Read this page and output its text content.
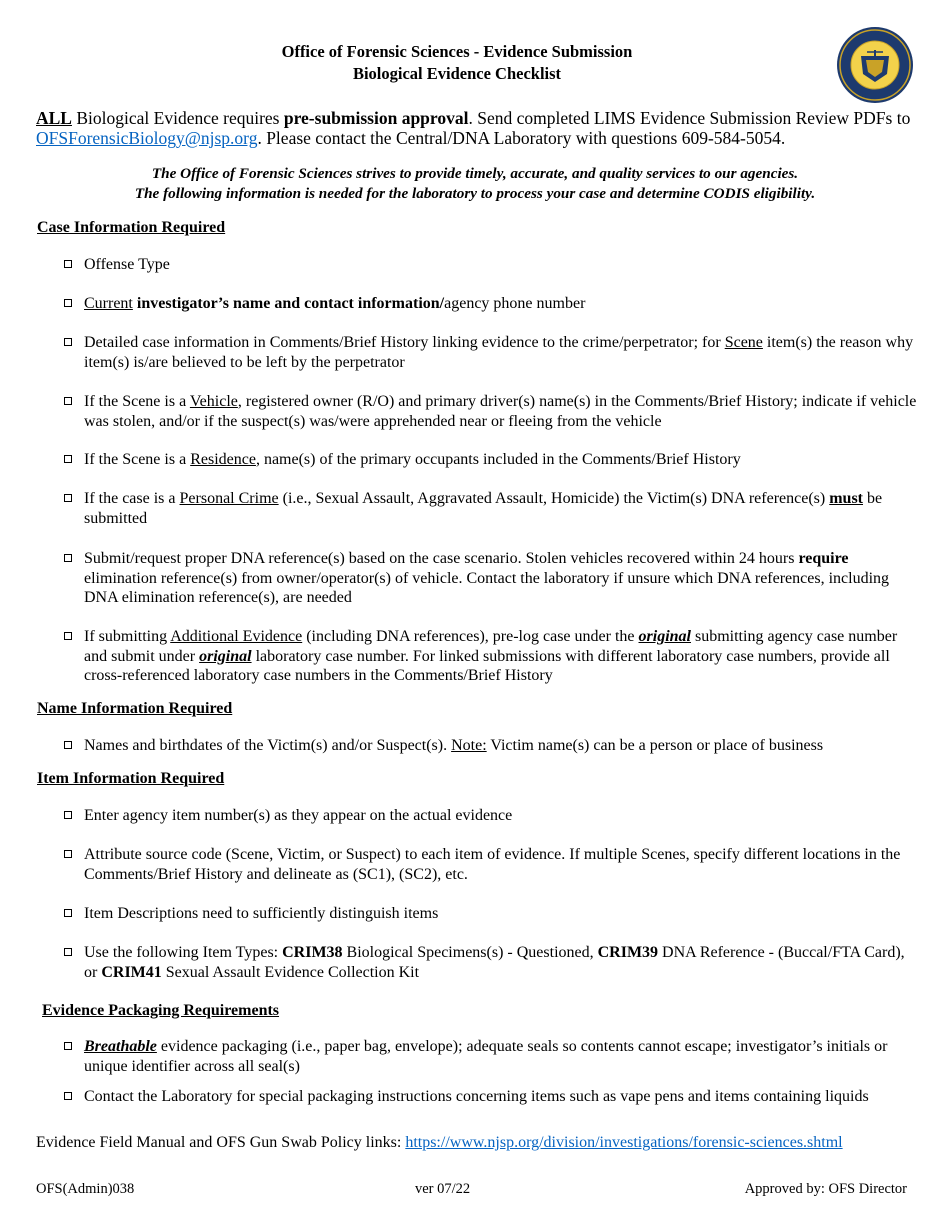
Office of Forensic Sciences - Evidence Submission
Biological Evidence Checklist
ALL Biological Evidence requires pre-submission approval. Send completed LIMS Evidence Submission Review PDFs to OFSForensicBiology@njsp.org. Please contact the Central/DNA Laboratory with questions 609-584-5054.
The Office of Forensic Sciences strives to provide timely, accurate, and quality services to our agencies.
The following information is needed for the laboratory to process your case and determine CODIS eligibility.
Case Information Required
Offense Type
Current investigator’s name and contact information/agency phone number
Detailed case information in Comments/Brief History linking evidence to the crime/perpetrator; for Scene item(s) the reason why item(s) is/are believed to be left by the perpetrator
If the Scene is a Vehicle, registered owner (R/O) and primary driver(s) name(s) in the Comments/Brief History; indicate if vehicle was stolen, and/or if the suspect(s) was/were apprehended near or fleeing from the vehicle
If the Scene is a Residence, name(s) of the primary occupants included in the Comments/Brief History
If the case is a Personal Crime (i.e., Sexual Assault, Aggravated Assault, Homicide) the Victim(s) DNA reference(s) must be submitted
Submit/request proper DNA reference(s) based on the case scenario. Stolen vehicles recovered within 24 hours require elimination reference(s) from owner/operator(s) of vehicle. Contact the laboratory if unsure which DNA references, including DNA elimination reference(s), are needed
If submitting Additional Evidence (including DNA references), pre-log case under the original submitting agency case number and submit under original laboratory case number. For linked submissions with different laboratory case numbers, provide all cross-referenced laboratory case numbers in the Comments/Brief History
Name Information Required
Names and birthdates of the Victim(s) and/or Suspect(s). Note: Victim name(s) can be a person or place of business
Item Information Required
Enter agency item number(s) as they appear on the actual evidence
Attribute source code (Scene, Victim, or Suspect) to each item of evidence. If multiple Scenes, specify different locations in the Comments/Brief History and delineate as (SC1), (SC2), etc.
Item Descriptions need to sufficiently distinguish items
Use the following Item Types: CRIM38 Biological Specimens(s) - Questioned, CRIM39 DNA Reference - (Buccal/FTA Card), or CRIM41 Sexual Assault Evidence Collection Kit
Evidence Packaging Requirements
Breathable evidence packaging (i.e., paper bag, envelope); adequate seals so contents cannot escape; investigator’s initials or unique identifier across all seal(s)
Contact the Laboratory for special packaging instructions concerning items such as vape pens and items containing liquids
Evidence Field Manual and OFS Gun Swab Policy links: https://www.njsp.org/division/investigations/forensic-sciences.shtml
OFS(Admin)038	ver 07/22	Approved by: OFS Director
